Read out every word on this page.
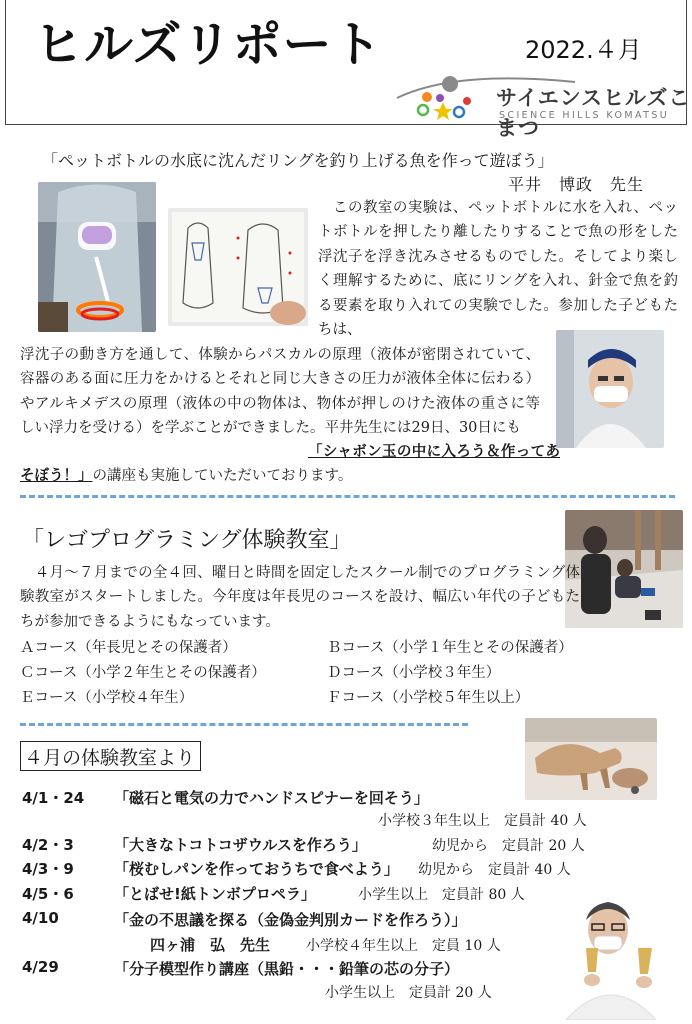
ヒルズリポート	2022.４月
サイエンスヒルズこまつ
SCIENCE HILLS KOMATSU
「ペットボトルの水底に沈んだリングを釣り上げる魚を作って遊ぼう」
平井　博政　先生

　この教室の実験は、ペットボトルに水を入れ、ペットボトルを押したり離したりすることで魚の形をした浮沈子を浮き沈みさせるものでした。そしてより楽しく理解するために、底にリングを入れ、針金で魚を釣る要素を取り入れての実験でした。参加した子どもたちは、

浮沈子の動き方を通して、体験からパスカルの原理（液体が密閉されていて、容器のある面に圧力をかけるとそれと同じ大きさの圧力が液体全体に伝わる）やアルキメデスの原理（液体の中の物体は、物体が押しのけた液体の重さに等しい浮力を受ける）を学ぶことができました。平井先生には29日、30日にも

「シャボン玉の中に入ろう＆作ってあそぼう！」の講座も実施していただいております。

「レゴプログラミング体験教室」

　４月～７月までの全４回、曜日と時間を固定したスクール制でのプログラミング体験教室がスタートしました。今年度は年長児のコースを設け、幅広い年代の子どもたちが参加できるようにもなっています。

Ａコース（年長児とその保護者）	Ｂコース（小学１年生とその保護者）
Ｃコース（小学２年生とその保護者）	Ｄコース（小学校３年生）
Ｅコース（小学校４年生）	Ｆコース（小学校５年生以上）
４月の体験教室より
4/1・24 「磁石と電気の力でハンドスピナーを回そう」
小学校３年生以上　定員計 40 人
4/2・3	「大きなトコトコザウルスを作ろう」	幼児から　定員計 20 人
4/3・9	「桜むしパンを作っておうちで食べよう」 幼児から　定員計 40 人
4/5・6	「とばせ!紙トンボプロペラ」	小学生以上　定員計 80 人
4/10	「金の不思議を探る（金偽金判別カードを作ろう）」
四ヶ浦　弘　先生	小学校４年生以上　定員 10 人
4/29	「分子模型作り講座（黒鉛・・・鉛筆の芯の分子）
小学生以上　定員計 20 人
